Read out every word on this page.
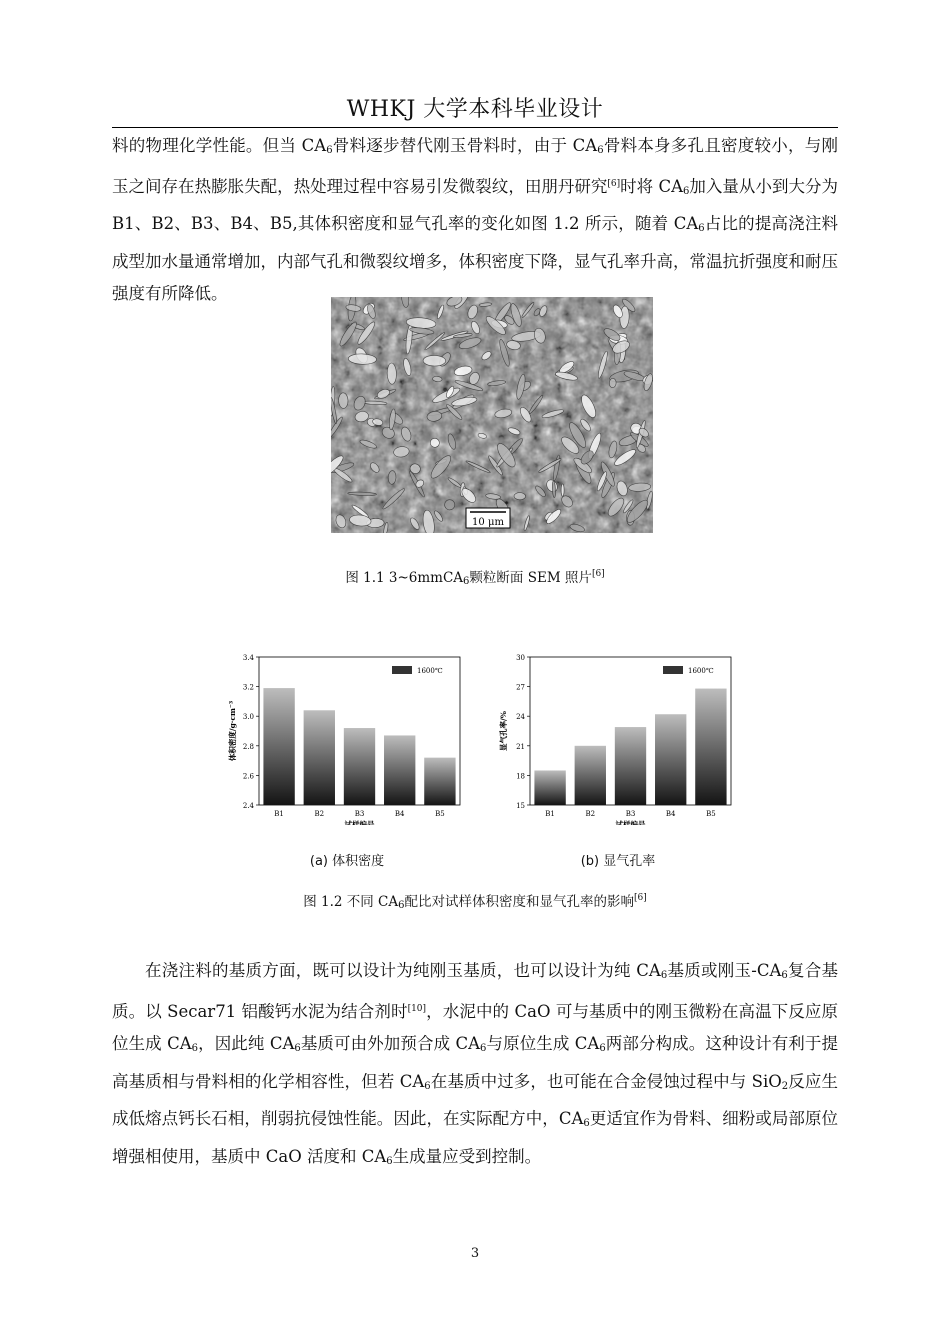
WHKJ 大学本科毕业设计

料的物理化学性能。但当 $CA_6$骨料逐步替代刚玉骨料时，由于 $CA_6$骨料本身多孔且密度较小，与刚玉之间存在热膨胀失配，热处理过程中容易引发微裂纹，田朋丹研究[6]时将 $CA_6$加入量从小到大分为 B1、B2、B3、B4、B5,其体积密度和显气孔率的变化如图 1.2 所示，随着 $CA_6$占比的提高浇注料成型加水量通常增加，内部气孔和微裂纹增多，体积密度下降，显气孔率升高，常温抗折强度和耐压强度有所降低。

10 μm
图 1.1 3~6mmCA$_6$颗粒断面 SEM 照片[6]
2.4
2.6
2.8
3.0
3.2
3.4
B1	B2	B3	B4	B5
试样编号
体积密度/g·cm⁻³
1600℃
(a) 体积密度
15
18
21
24
27
30
B1	B2	B3	B4	B5
试样编号
显气孔率/%
1600℃
(b) 显气孔率
图 1.2 不同 $CA_6$配比对试样体积密度和显气孔率的影响[6]

在浇注料的基质方面，既可以设计为纯刚玉基质，也可以设计为纯 $CA_6$基质或刚玉$-CA_6$复合基质。以 Secar71 铝酸钙水泥为结合剂时[10]，水泥中的 CaO 可与基质中的刚玉微粉在高温下反应原位生成 $CA_6$，因此纯 $CA_6$基质可由外加预合成 $CA_6$与原位生成 $CA_6$两部分构成。这种设计有利于提高基质相与骨料相的化学相容性，但若 $CA_6$在基质中过多，也可能在合金侵蚀过程中与 SiO$_2$反应生成低熔点钙长石相，削弱抗侵蚀性能。因此，在实际配方中，$CA_6$更适宜作为骨料、细粉或局部原位增强相使用，基质中 CaO 活度和 $CA_6$生成量应受到控制。

3
